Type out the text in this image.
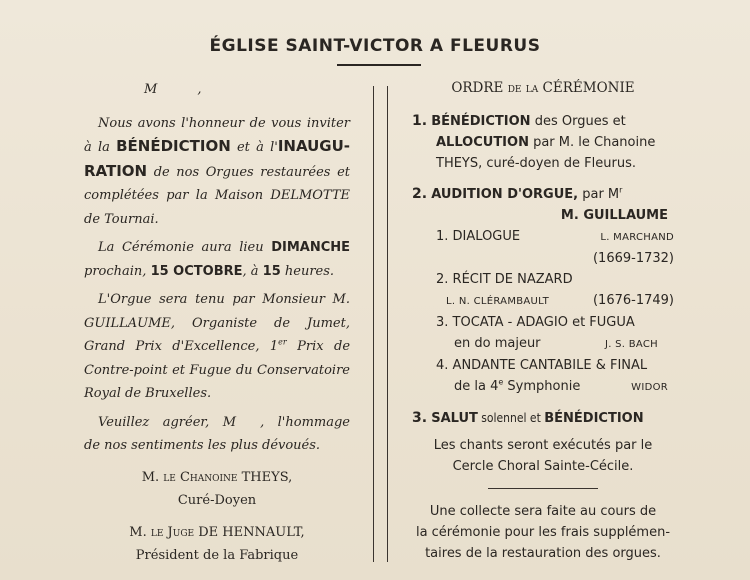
ÉGLISE SAINT-VICTOR A FLEURUS

M	,

Nous avons l'honneur de vous inviter

à la BÉNÉDICTION et à l'INAUGU-

RATION de nos Orgues restaurées et

complétées par la Maison DELMOTTE

de Tournai.

La Cérémonie aura lieu DIMANCHE

prochain, 15 OCTOBRE, à 15 heures.

L'Orgue sera tenu par Monsieur M.

GUILLAUME, Organiste de Jumet,

Grand Prix d'Excellence, 1er Prix de

Contre-point et Fugue du Conservatoire

Royal de Bruxelles.

Veuillez agréer, M , l'hommage

de nos sentiments les plus dévoués.

M. le Chanoine THEYS,

Curé-Doyen

M. le Juge DE HENNAULT,

Président de la Fabrique

ORDRE de la CÉRÉMONIE

1. BÉNÉDICTION des Orgues et

ALLOCUTION par M. le Chanoine

THEYS, curé-doyen de Fleurus.

2. AUDITION D'ORGUE, par $M^r$

M. GUILLAUME

1. DIALOGUE	L. MARCHAND

(1669-1732)

2. RÉCIT DE NAZARD

L. N. CLÉRAMBAULT	(1676-1749)

3. TOCATA - ADAGIO et FUGUA

en do majeur	J. S. BACH

4. ANDANTE CANTABILE & FINAL

de la 4e Symphonie	WIDOR

3. SALUT solennel et BÉNÉDICTION

Les chants seront exécutés par le

Cercle Choral Sainte-Cécile.

Une collecte sera faite au cours de

la cérémonie pour les frais supplémen-

taires de la restauration des orgues.
